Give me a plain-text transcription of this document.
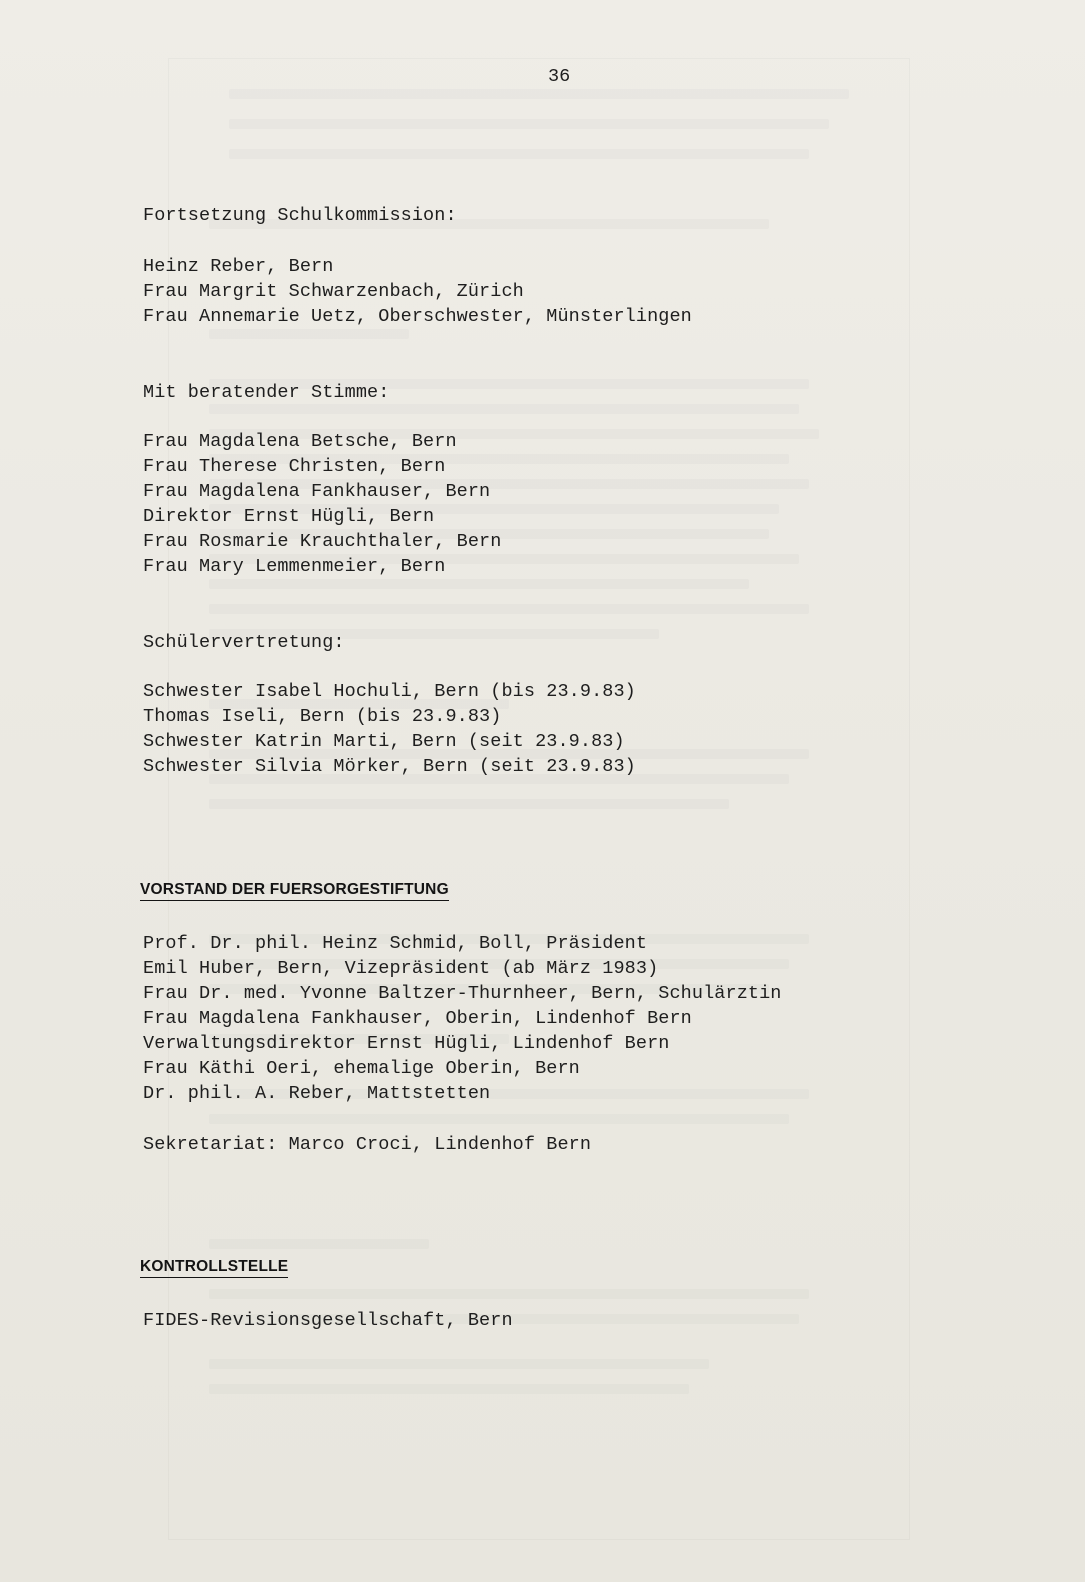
36
Fortsetzung Schulkommission:
Heinz Reber, Bern
Frau Margrit Schwarzenbach, Zürich
Frau Annemarie Uetz, Oberschwester, Münsterlingen
Mit beratender Stimme:
Frau Magdalena Betsche, Bern
Frau Therese Christen, Bern
Frau Magdalena Fankhauser, Bern
Direktor Ernst Hügli, Bern
Frau Rosmarie Krauchthaler, Bern
Frau Mary Lemmenmeier, Bern
Schülervertretung:
Schwester Isabel Hochuli, Bern (bis 23.9.83)
Thomas Iseli, Bern (bis 23.9.83)
Schwester Katrin Marti, Bern (seit 23.9.83)
Schwester Silvia Mörker, Bern (seit 23.9.83)
VORSTAND DER FUERSORGESTIFTUNG
Prof. Dr. phil. Heinz Schmid, Boll, Präsident
Emil Huber, Bern, Vizepräsident (ab März 1983)
Frau Dr. med. Yvonne Baltzer-Thurnheer, Bern, Schulärztin
Frau Magdalena Fankhauser, Oberin, Lindenhof Bern
Verwaltungsdirektor Ernst Hügli, Lindenhof Bern
Frau Käthi Oeri, ehemalige Oberin, Bern
Dr. phil. A. Reber, Mattstetten
Sekretariat: Marco Croci, Lindenhof Bern
KONTROLLSTELLE
FIDES-Revisionsgesellschaft, Bern
